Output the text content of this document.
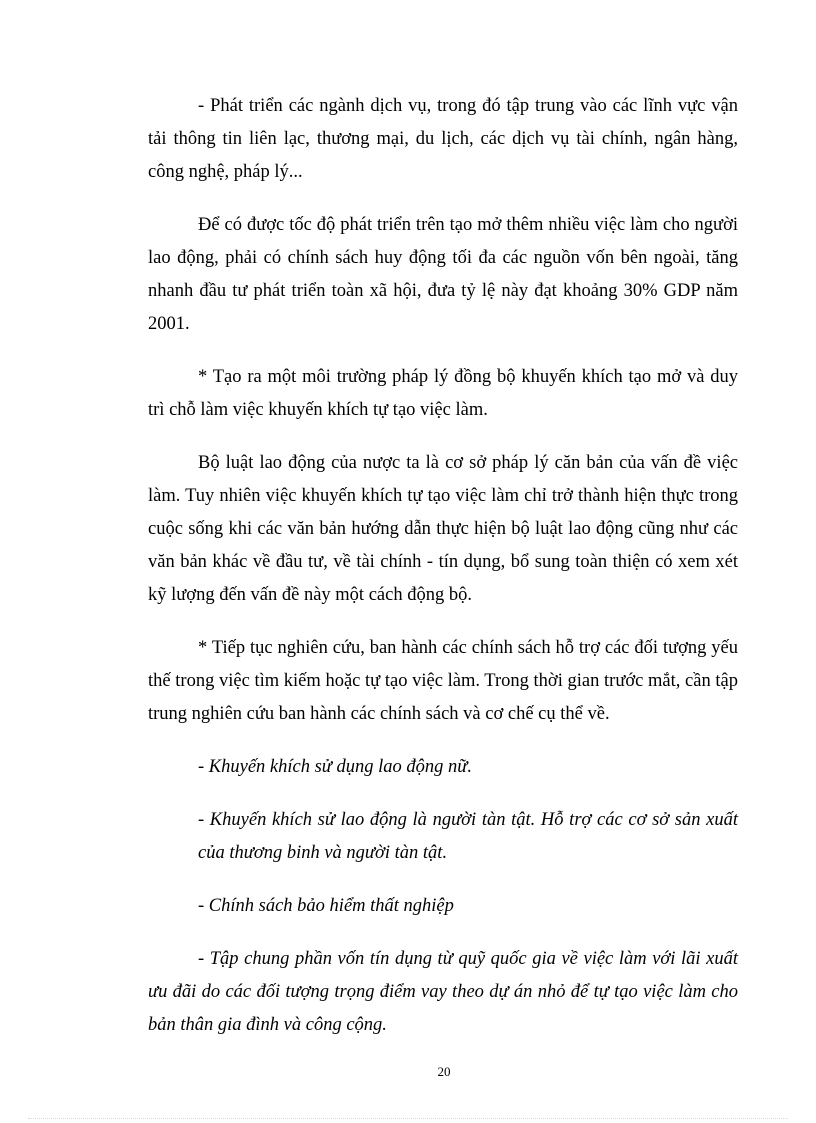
- Phát triển các ngành dịch vụ, trong đó tập trung vào các lĩnh vực vận tải thông tin liên lạc, thương mại, du lịch, các dịch vụ tài chính, ngân hàng, công nghệ, pháp lý...

Để có được tốc độ phát triển trên tạo mở thêm nhiều việc làm cho người lao động, phải có chính sách huy động tối đa các nguồn vốn bên ngoài, tăng nhanh đầu tư phát triển toàn xã hội, đưa tỷ lệ này đạt khoảng 30% GDP năm 2001.

* Tạo ra một môi trường pháp lý đồng bộ khuyến khích tạo mở và duy trì chỗ làm việc khuyến khích tự tạo việc làm.

Bộ luật lao động của nược ta là cơ sở pháp lý căn bản của vấn đề việc làm. Tuy nhiên việc khuyến khích tự tạo việc làm chỉ trở thành hiện thực trong cuộc sống khi các văn bản hướng dẫn thực hiện bộ luật lao động cũng như các văn bản khác về đầu tư, về tài chính - tín dụng, bổ sung toàn thiện có xem xét kỹ lượng đến vấn đề này một cách động bộ.

* Tiếp tục nghiên cứu, ban hành các chính sách hỗ trợ các đối tượng yếu thế trong việc tìm kiếm hoặc tự tạo việc làm. Trong thời gian trước mắt, cần tập trung nghiên cứu ban hành các chính sách và cơ chế cụ thể về.

- Khuyến khích sử dụng lao động nữ.

- Khuyến khích sử lao động là người tàn tật. Hỗ trợ các cơ sở sản xuất của thương binh và người tàn tật.

- Chính sách bảo hiểm thất nghiệp

- Tập chung phần vốn tín dụng từ quỹ quốc gia về việc làm với lãi xuất ưu đãi do các đối tượng trọng điểm vay theo dự án nhỏ để tự tạo việc làm cho bản thân gia đình và công cộng.

20
